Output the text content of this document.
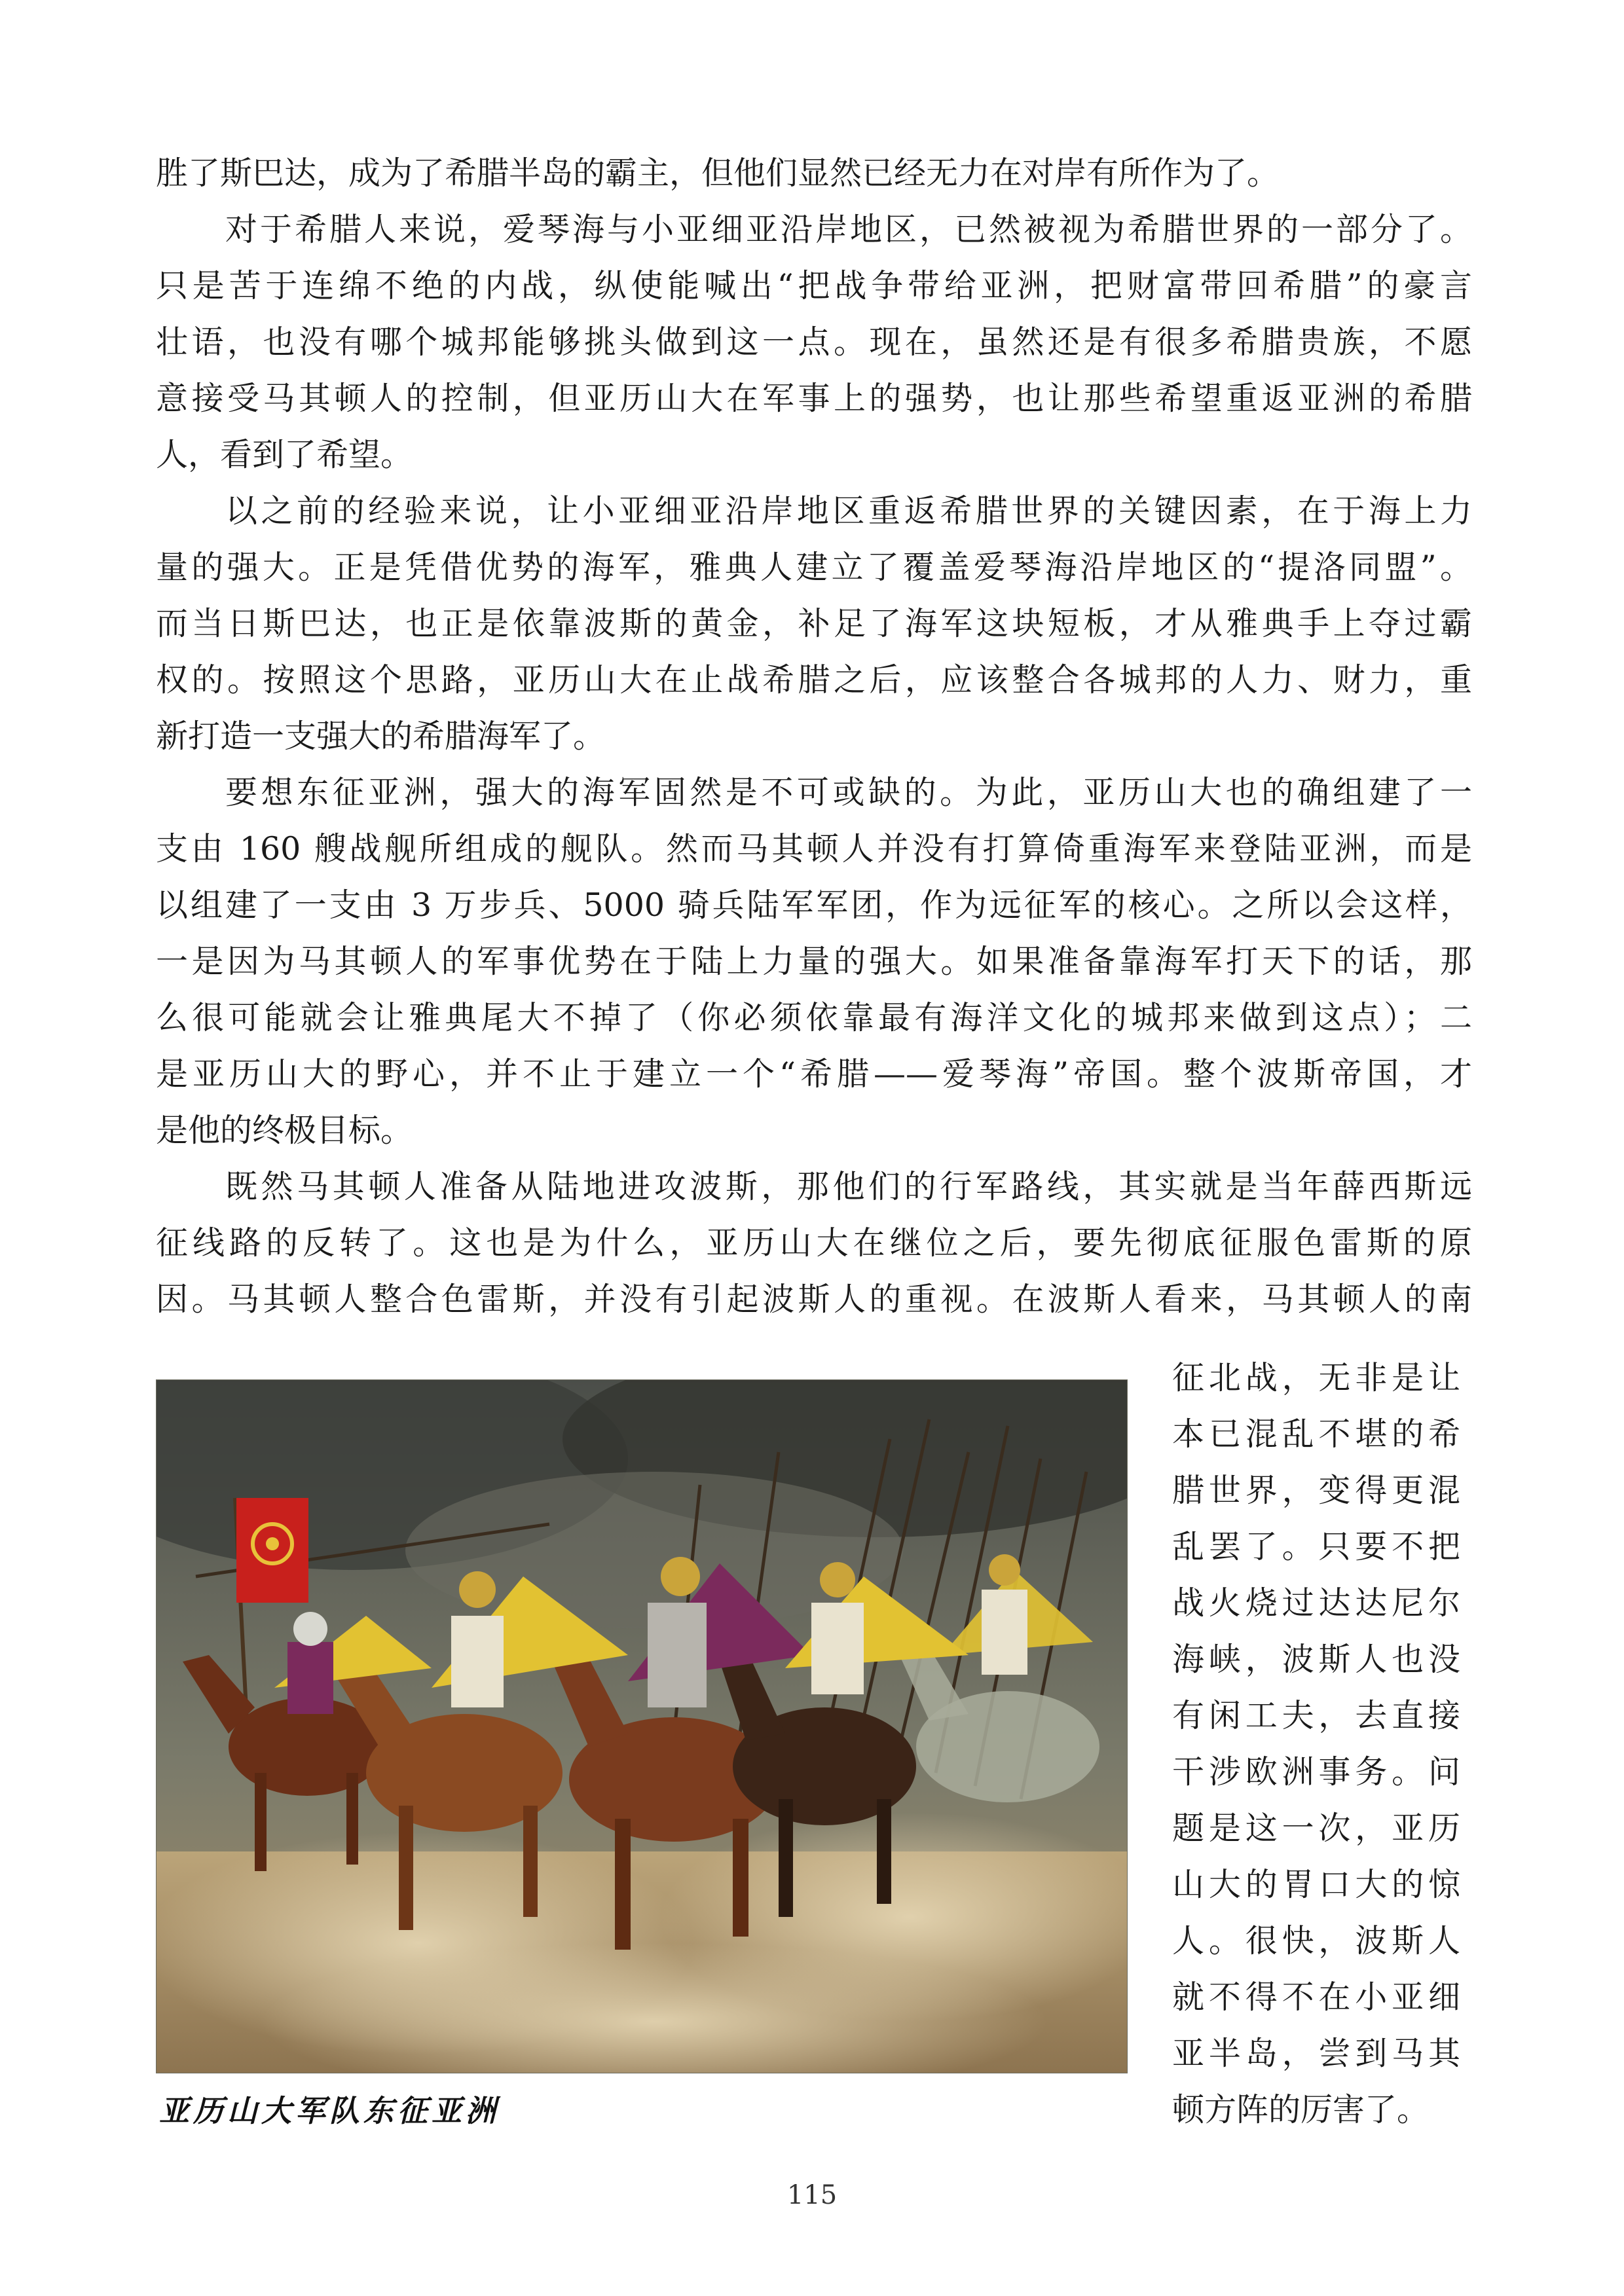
胜了斯巴达，成为了希腊半岛的霸主，但他们显然已经无力在对岸有所作为了。
对于希腊人来说，爱琴海与小亚细亚沿岸地区，已然被视为希腊世界的一部分了。
只是苦于连绵不绝的内战，纵使能喊出“把战争带给亚洲，把财富带回希腊”的豪言
壮语，也没有哪个城邦能够挑头做到这一点。现在，虽然还是有很多希腊贵族，不愿
意接受马其顿人的控制，但亚历山大在军事上的强势，也让那些希望重返亚洲的希腊
人，看到了希望。
以之前的经验来说，让小亚细亚沿岸地区重返希腊世界的关键因素，在于海上力
量的强大。正是凭借优势的海军，雅典人建立了覆盖爱琴海沿岸地区的“提洛同盟”。
而当日斯巴达，也正是依靠波斯的黄金，补足了海军这块短板，才从雅典手上夺过霸
权的。按照这个思路，亚历山大在止战希腊之后，应该整合各城邦的人力、财力，重
新打造一支强大的希腊海军了。
要想东征亚洲，强大的海军固然是不可或缺的。为此，亚历山大也的确组建了一
支由 160 艘战舰所组成的舰队。然而马其顿人并没有打算倚重海军来登陆亚洲，而是
以组建了一支由 3 万步兵、5000 骑兵陆军军团，作为远征军的核心。之所以会这样，
一是因为马其顿人的军事优势在于陆上力量的强大。如果准备靠海军打天下的话，那
么很可能就会让雅典尾大不掉了（你必须依靠最有海洋文化的城邦来做到这点）；二
是亚历山大的野心，并不止于建立一个“希腊——爱琴海”帝国。整个波斯帝国，才
是他的终极目标。
既然马其顿人准备从陆地进攻波斯，那他们的行军路线，其实就是当年薛西斯远
征线路的反转了。这也是为什么，亚历山大在继位之后，要先彻底征服色雷斯的原
因。马其顿人整合色雷斯，并没有引起波斯人的重视。在波斯人看来，马其顿人的南
亚历山大军队东征亚洲
征北战，无非是让
本已混乱不堪的希
腊世界，变得更混
乱罢了。只要不把
战火烧过达达尼尔
海峡，波斯人也没
有闲工夫，去直接
干涉欧洲事务。问
题是这一次，亚历
山大的胃口大的惊
人。很快，波斯人
就不得不在小亚细
亚半岛，尝到马其
顿方阵的厉害了。
115
